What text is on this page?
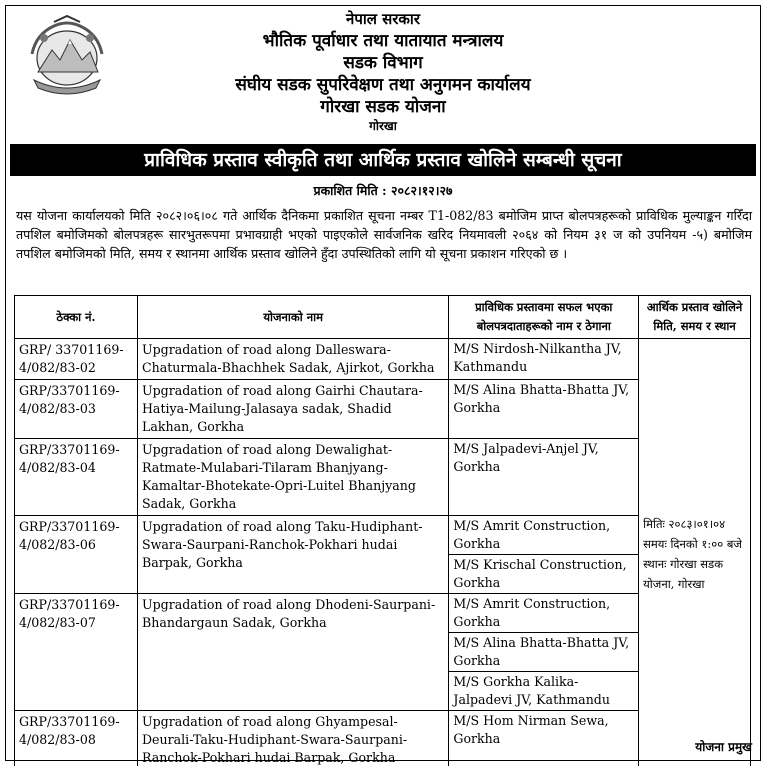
नेपाल सरकार
भौतिक पूर्वाधार तथा यातायात मन्त्रालय
सडक विभाग
संघीय सडक सुपरिवेक्षण तथा अनुगमन कार्यालय
गोरखा सडक योजना
गोरखा
प्राविधिक प्रस्ताव स्वीकृति तथा आर्थिक प्रस्ताव खोलिने सम्बन्धी सूचना
प्रकाशित मिति : २०८२।१२।२७
यस योजना कार्यालयको मिति २०८२।०६।०८ गते आर्थिक दैनिकमा प्रकाशित सूचना नम्बर T1-082/83 बमोजिम प्राप्त बोलपत्रहरूको प्राविधिक मुल्याङ्कन गरिँदा तपशिल बमोजिमको बोलपत्रहरू सारभुतरूपमा प्रभावग्राही भएको पाइएकोले सार्वजनिक खरिद नियमावली २०६४ को नियम ३१ ज को उपनियम -५) बमोजिम तपशिल बमोजिमको मिति, समय र स्थानमा आर्थिक प्रस्ताव खोलिने हुँदा उपस्थितिको लागि यो सूचना प्रकाशन गरिएको छ ।
ठेक्का नं.	योजनाको नाम	प्राविधिक प्रस्तावमा सफल भएका बोलपत्रदाताहरूको नाम र ठेगाना	आर्थिक प्रस्ताव खोलिने मिति, समय र स्थान
GRP/ 33701169-4/082/83-02	Upgradation of road along Dalleswara-Chaturmala-Bhachhek Sadak, Ajirkot, Gorkha	M/S Nirdosh-Nilkantha JV, Kathmandu	मितिः २०८३।०१।०४ समयः दिनको १:०० बजे स्थानः गोरखा सडक योजना, गोरखा
GRP/33701169-4/082/83-03	Upgradation of road along Gairhi Chautara-Hatiya-Mailung-Jalasaya sadak, Shadid Lakhan, Gorkha	M/S Alina Bhatta-Bhatta JV, Gorkha	

GRP/33701169-4/082/83-04	Upgradation of road along Dewalighat-Ratmate-Mulabari-Tilaram Bhanjyang-Kamaltar-Bhotekate-Opri-Luitel Bhanjyang Sadak, Gorkha	M/S Jalpadevi-Anjel JV, Gorkha	

GRP/33701169-4/082/83-06	Upgradation of road along Taku-Hudiphant-Swara-Saurpani-Ranchok-Pokhari hudai Barpak, Gorkha	M/S Amrit Construction, Gorkha
M/S Krischal Construction, Gorkha	

GRP/33701169-4/082/83-07	Upgradation of road along Dhodeni-Saurpani-Bhandargaun Sadak, Gorkha	M/S Amrit Construction, Gorkha
M/S Alina Bhatta-Bhatta JV, Gorkha
M/S Gorkha Kalika-Jalpadevi JV, Kathmandu	

GRP/33701169-4/082/83-08	Upgradation of road along Ghyampesal-Deurali-Taku-Hudiphant-Swara-Saurpani-Ranchok-Pokhari hudai Barpak, Gorkha	M/S Hom Nirman Sewa, Gorkha	
योजना प्रमुख
